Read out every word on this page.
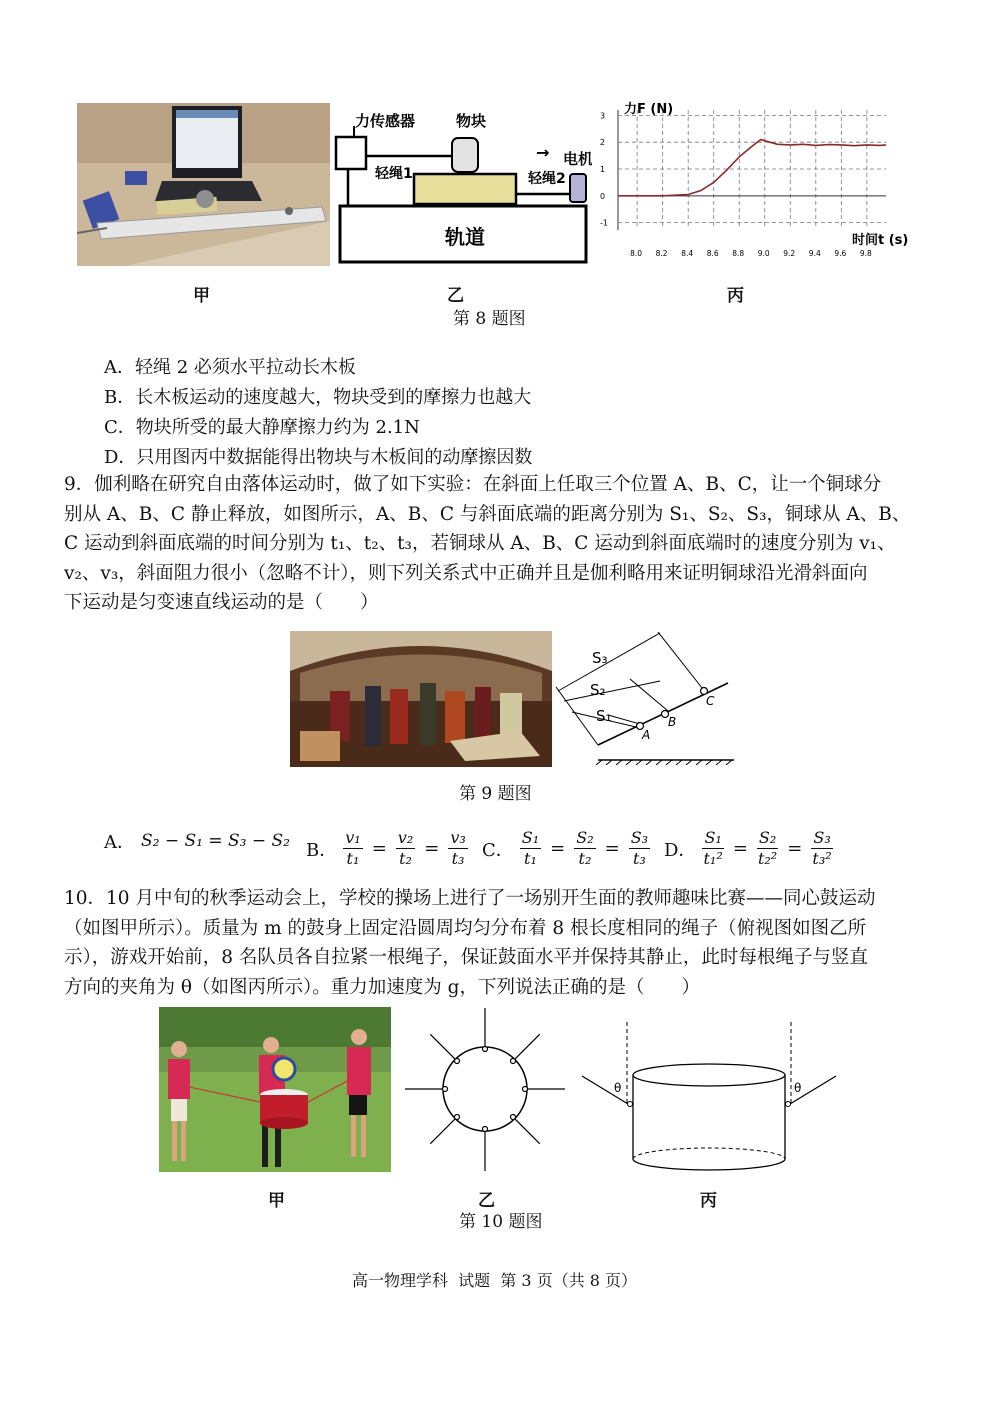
轨道
力传感器
轻绳1
物块
轻绳2
→ 电机
8.0 8.2 8.4 8.6 8.8 9.0 9.2 9.4 9.6 9.8
-1
0
1
2
3 力F (N)
时间t (s)
甲	乙	丙
第 8 题图
A．轻绳 2 必须水平拉动长木板
B．长木板运动的速度越大，物块受到的摩擦力也越大
C．物块所受的最大静摩擦力约为 2.1N
D．只用图丙中数据能得出物块与木板间的动摩擦因数
9．伽利略在研究自由落体运动时，做了如下实验：在斜面上任取三个位置 A、B、C，让一个铜球分
别从 A、B、C 静止释放，如图所示，A、B、C 与斜面底端的距离分别为 S₁、S₂、S₃，铜球从 A、B、
C 运动到斜面底端的时间分别为 t₁、t₂、t₃，若铜球从 A、B、C 运动到斜面底端时的速度分别为 v₁、
v₂、v₃，斜面阻力很小（忽略不计），则下列关系式中正确并且是伽利略用来证明铜球沿光滑斜面向
下运动是匀变速直线运动的是（　　）
S₃
S₂
S₁
A
B
C
第 9 题图
A． S₂ − S₁ = S₃ − S₂ B． $\frac{\text{v₁}}{\text{t₁}} = \frac{\text{v₂}}{\text{t₂}} = \frac{\text{v₃}}{\text{t₃}}$ C． $\frac{\text{S₁}}{\text{t₁}} = \frac{\text{S₂}}{\text{t₂}} = \frac{\text{S₃}}{\text{t₃}}$ D． $\frac{\text{S₁}}{\text{t₁²}} = \frac{\text{S₂}}{\text{t₂²}} = \frac{\text{S₃}}{\text{t₃²}}$
10．10 月中旬的秋季运动会上，学校的操场上进行了一场别开生面的教师趣味比赛——同心鼓运动
（如图甲所示）。质量为 m 的鼓身上固定沿圆周均匀分布着 8 根长度相同的绳子（俯视图如图乙所
示），游戏开始前，8 名队员各自拉紧一根绳子，保证鼓面水平并保持其静止，此时每根绳子与竖直
方向的夹角为 θ（如图丙所示）。重力加速度为 g，下列说法正确的是（　　）
θ	θ
甲	乙	丙
第 10 题图
高一物理学科  试题  第 3 页（共 8 页）
